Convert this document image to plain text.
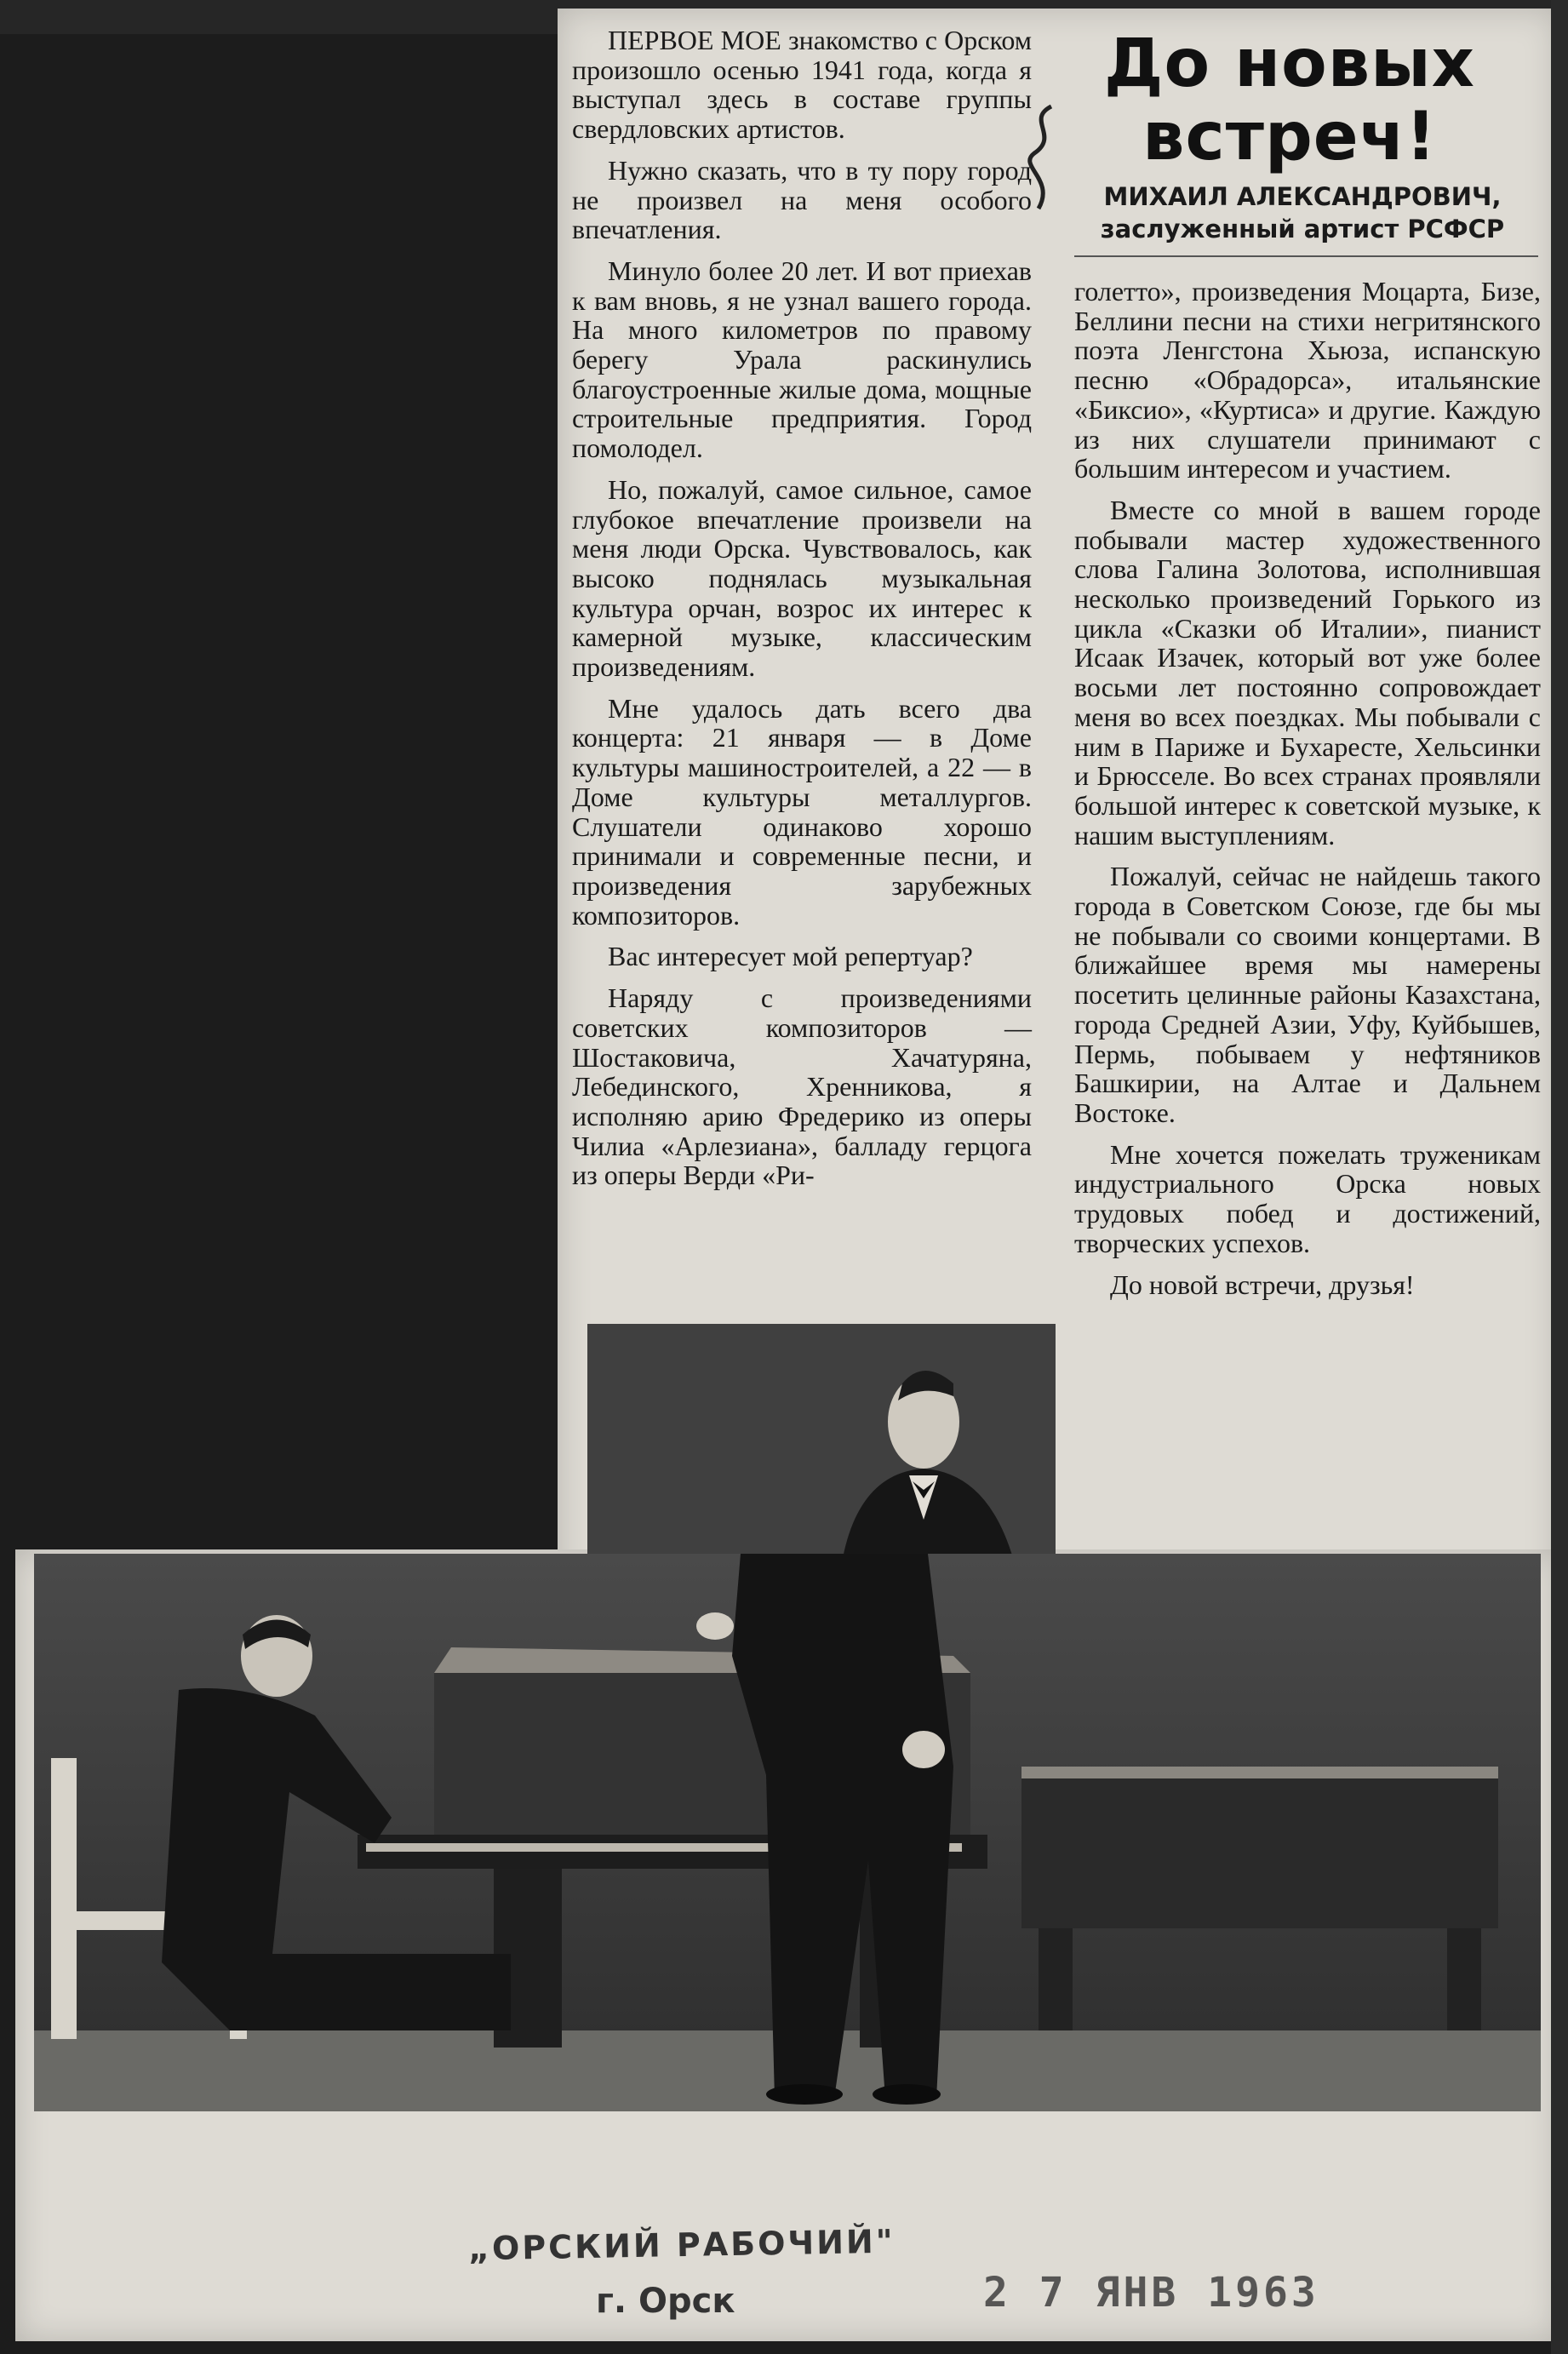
ПЕРВОЕ МОЕ знакомство с Орском произошло осенью 1941 года, когда я выступал здесь в составе группы свердловских артистов.

Нужно сказать, что в ту пору город не произвел на меня особого впечатления.

Минуло более 20 лет. И вот приехав к вам вновь, я не узнал вашего города. На много километров по правому берегу Урала раскинулись благоустроенные жилые дома, мощные строительные предприятия. Город помолодел.

Но, пожалуй, самое сильное, самое глубокое впечатление произвели на меня люди Орска. Чувствовалось, как высоко поднялась музыкальная культура орчан, возрос их интерес к камерной музыке, классическим произведениям.

Мне удалось дать всего два концерта: 21 января — в Доме культуры машиностроителей, а 22 — в Доме культуры металлургов. Слушатели одинаково хорошо принимали и современные песни, и произведения зарубежных композиторов.

Вас интересует мой репертуар?

Наряду с произведениями советских композиторов — Шостаковича, Хачатуряна, Лебединского, Хренникова, я исполняю арию Фредерико из оперы Чилиа «Арлезиана», балладу герцога из оперы Верди «Ри-

До новых
встреч!
МИХАИЛ АЛЕКСАНДРОВИЧ,
заслуженный артист РСФСР

голетто», произведения Моцарта, Бизе, Беллини песни на стихи негритянского поэта Ленгстона Хьюза, испанскую песню «Обрадорса», итальянские «Биксио», «Куртиса» и другие. Каждую из них слушатели принимают с большим интересом и участием.

Вместе со мной в вашем городе побывали мастер художественного слова Галина Золотова, исполнившая несколько произведений Горького из цикла «Сказки об Италии», пианист Исаак Изачек, который вот уже более восьми лет постоянно сопровождает меня во всех поездках. Мы побывали с ним в Париже и Бухаресте, Хельсинки и Брюсселе. Во всех странах проявляли большой интерес к советской музыке, к нашим выступлениям.

Пожалуй, сейчас не найдешь такого города в Советском Союзе, где бы мы не побывали со своими концертами. В ближайшее время мы намерены посетить целинные районы Казахстана, города Средней Азии, Уфу, Куйбышев, Пермь, побываем у нефтяников Башкирии, на Алтае и Дальнем Востоке.

Мне хочется пожелать труженикам индустриального Орска новых трудовых побед и достижений, творческих успехов.

До новой встречи, друзья!

„ОРСКИЙ РАБОЧИЙ"
г. Орск	2 7 ЯНВ 1963
